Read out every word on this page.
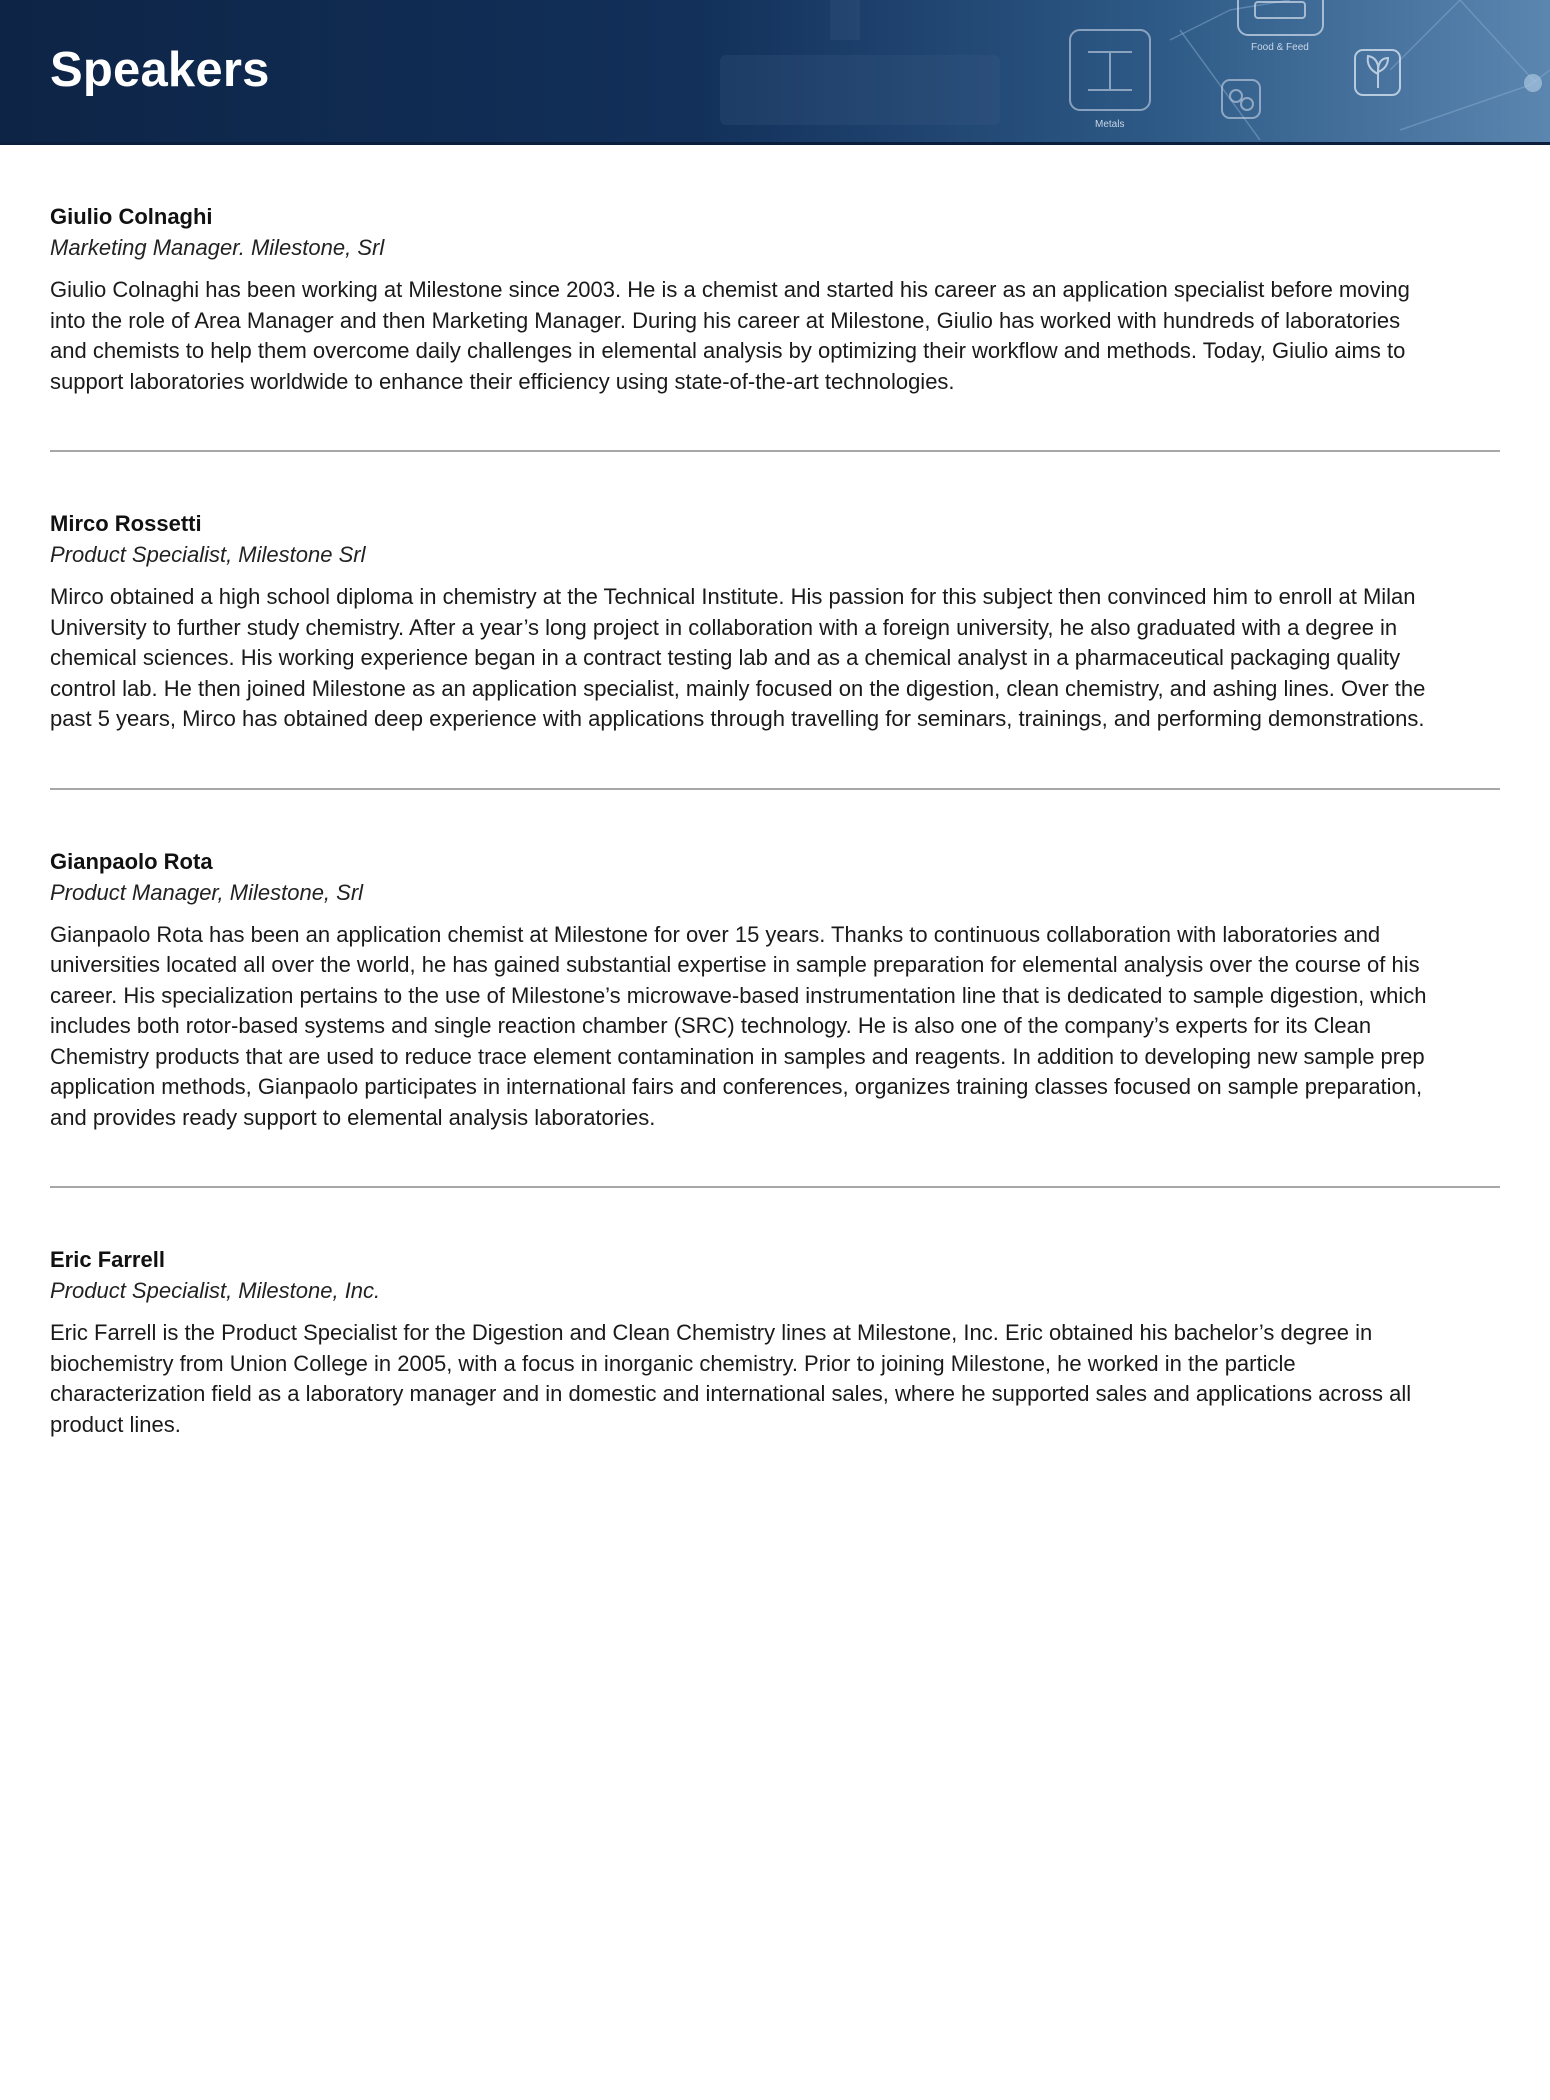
Food & Feed
Metals
Speakers

Giulio Colnaghi

Marketing Manager. Milestone, Srl

Giulio Colnaghi has been working at Milestone since 2003. He is a chemist and started his career as an application specialist before moving into the role of Area Manager and then Marketing Manager. During his career at Milestone, Giulio has worked with hundreds of laboratories and chemists to help them overcome daily challenges in elemental analysis by optimizing their workflow and methods. Today, Giulio aims to support laboratories worldwide to enhance their efficiency using state-of-the-art technologies.

Mirco Rossetti

Product Specialist, Milestone Srl

Mirco obtained a high school diploma in chemistry at the Technical Institute. His passion for this subject then convinced him to enroll at Milan University to further study chemistry. After a year’s long project in collaboration with a foreign university, he also graduated with a degree in chemical sciences. His working experience began in a contract testing lab and as a chemical analyst in a pharmaceutical packaging quality control lab. He then joined Milestone as an application specialist, mainly focused on the digestion, clean chemistry, and ashing lines. Over the past 5 years, Mirco has obtained deep experience with applications through travelling for seminars, trainings, and performing demonstrations.

Gianpaolo Rota

Product Manager, Milestone, Srl

Gianpaolo Rota has been an application chemist at Milestone for over 15 years. Thanks to continuous collaboration with laboratories and universities located all over the world, he has gained substantial expertise in sample preparation for elemental analysis over the course of his career. His specialization pertains to the use of Milestone’s microwave-based instrumentation line that is dedicated to sample digestion, which includes both rotor-based systems and single reaction chamber (SRC) technology. He is also one of the company’s experts for its Clean Chemistry products that are used to reduce trace element contamination in samples and reagents. In addition to developing new sample prep application methods, Gianpaolo participates in international fairs and conferences, organizes training classes focused on sample preparation, and provides ready support to elemental analysis laboratories.

Eric Farrell

Product Specialist, Milestone, Inc.

Eric Farrell is the Product Specialist for the Digestion and Clean Chemistry lines at Milestone, Inc. Eric obtained his bachelor’s degree in biochemistry from Union College in 2005, with a focus in inorganic chemistry. Prior to joining Milestone, he worked in the particle characterization field as a laboratory manager and in domestic and international sales, where he supported sales and applications across all product lines.
